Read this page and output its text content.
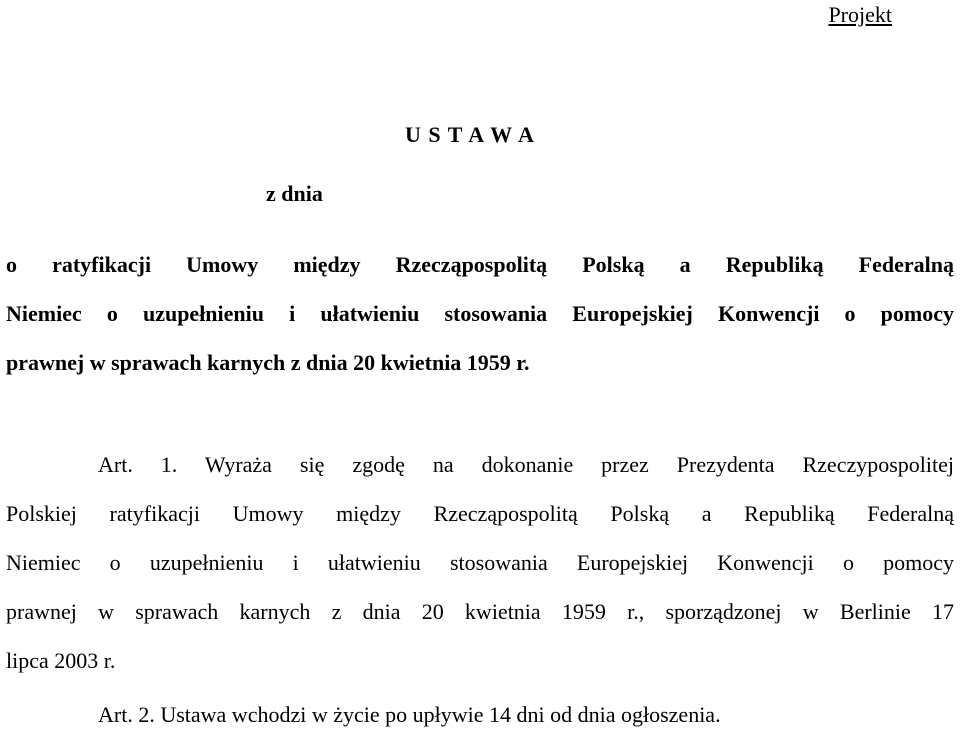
Projekt
U S T A W A
z dnia
o ratyfikacji Umowy między Rzecząpospolitą Polską a Republiką Federalną
Niemiec o uzupełnieniu i ułatwieniu stosowania Europejskiej Konwencji o pomocy
prawnej w sprawach karnych z dnia 20 kwietnia 1959 r.
Art. 1. Wyraża się zgodę na dokonanie przez Prezydenta Rzeczypospolitej
Polskiej ratyfikacji Umowy między Rzecząpospolitą Polską a Republiką Federalną
Niemiec o uzupełnieniu i ułatwieniu stosowania Europejskiej Konwencji o pomocy
prawnej w sprawach karnych z dnia 20 kwietnia 1959 r., sporządzonej w Berlinie 17
lipca 2003 r.
Art. 2. Ustawa wchodzi w życie po upływie 14 dni od dnia ogłoszenia.
